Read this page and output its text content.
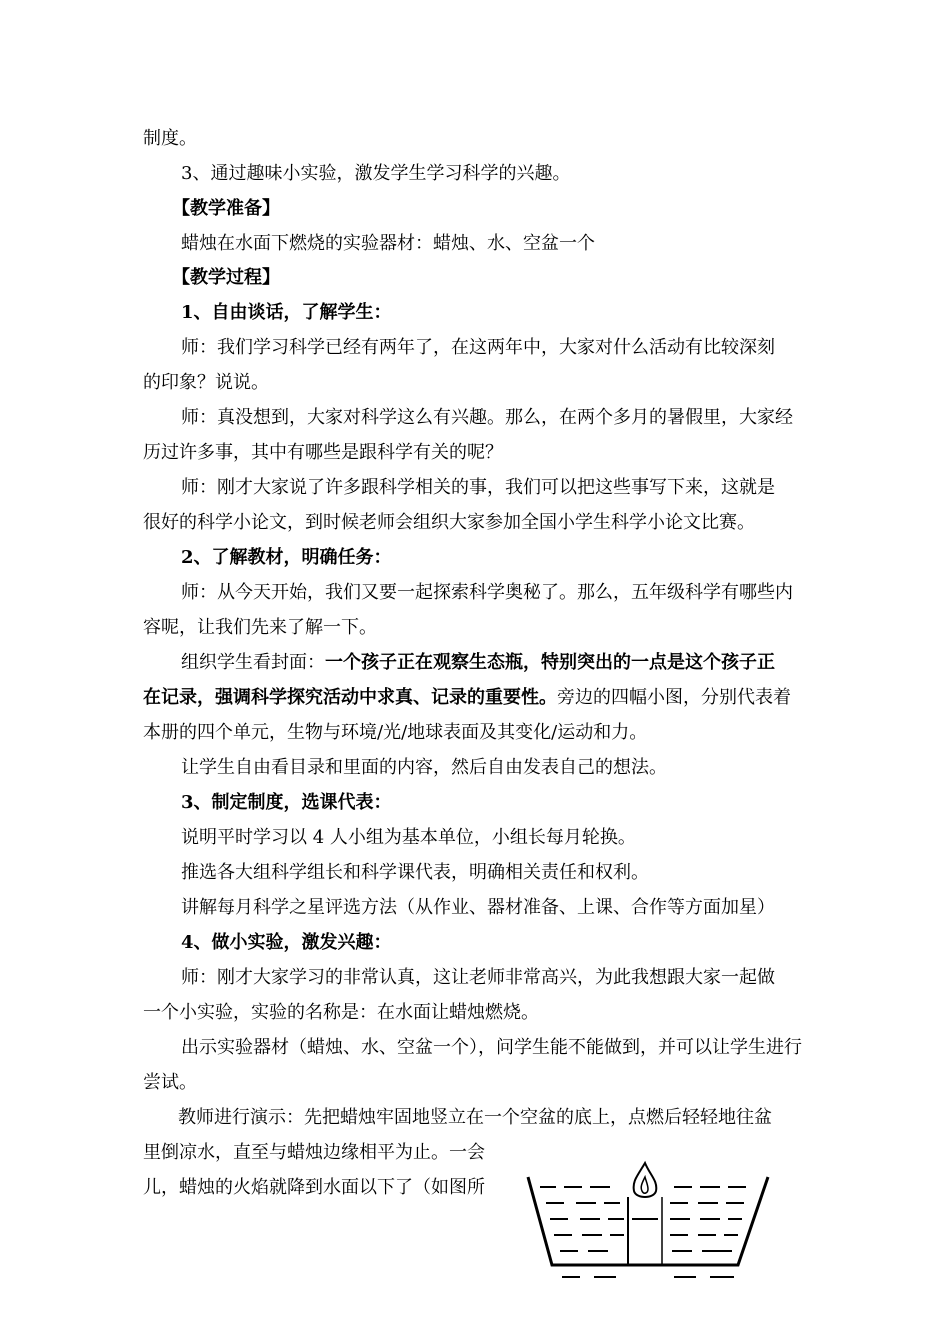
制度。
3、通过趣味小实验，激发学生学习科学的兴趣。
【教学准备】
蜡烛在水面下燃烧的实验器材：蜡烛、水、空盆一个
【教学过程】
1、自由谈话，了解学生：
师：我们学习科学已经有两年了，在这两年中，大家对什么活动有比较深刻
的印象？说说。
师：真没想到，大家对科学这么有兴趣。那么，在两个多月的暑假里，大家经
历过许多事，其中有哪些是跟科学有关的呢？
师：刚才大家说了许多跟科学相关的事，我们可以把这些事写下来，这就是
很好的科学小论文，到时候老师会组织大家参加全国小学生科学小论文比赛。
2、了解教材，明确任务：
师：从今天开始，我们又要一起探索科学奥秘了。那么，五年级科学有哪些内
容呢，让我们先来了解一下。
组织学生看封面：一个孩子正在观察生态瓶，特别突出的一点是这个孩子正
在记录，强调科学探究活动中求真、记录的重要性。旁边的四幅小图，分别代表着
本册的四个单元，生物与环境/光/地球表面及其变化/运动和力。
让学生自由看目录和里面的内容，然后自由发表自己的想法。
3、制定制度，选课代表：
说明平时学习以 4 人小组为基本单位，小组长每月轮换。
推选各大组科学组长和科学课代表，明确相关责任和权利。
讲解每月科学之星评选方法（从作业、器材准备、上课、合作等方面加星）
4、做小实验，激发兴趣：
师：刚才大家学习的非常认真，这让老师非常高兴，为此我想跟大家一起做
一个小实验，实验的名称是：在水面让蜡烛燃烧。
出示实验器材（蜡烛、水、空盆一个），问学生能不能做到，并可以让学生进行
尝试。
教师进行演示：先把蜡烛牢固地竖立在一个空盆的底上，点燃后轻轻地往盆
里倒凉水，直至与蜡烛边缘相平为止。一会
儿，蜡烛的火焰就降到水面以下了（如图所
